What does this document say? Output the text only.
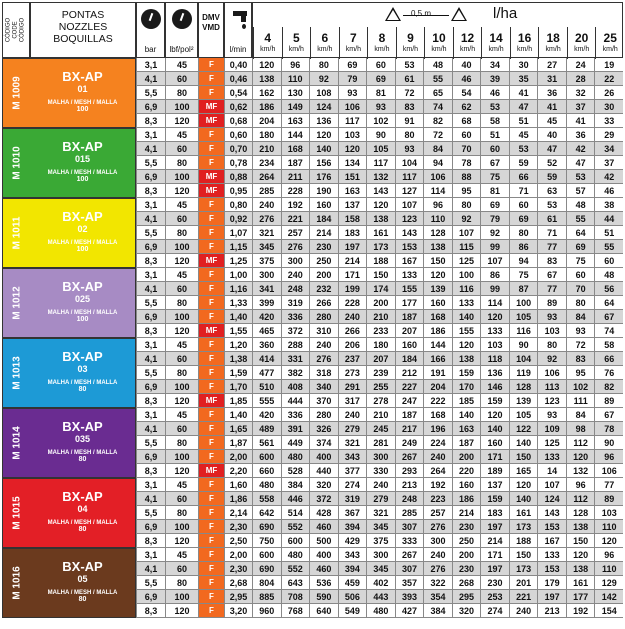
CÓDIGO CODE CÓDIGO
PONTAS
NOZZLES
BOQUILLAS
bar	lbf/pol²
DMV
VMD
l/min
0,5 m	l/ha
4
km/h
5
km/h
6
km/h
7
km/h
8
km/h
9
km/h
10
km/h
12
km/h
14
km/h
16
km/h
18
km/h
20
km/h
25
km/h
M 1009	BX-AP
01
MALHA / MESH / MALLA
100
3,1	45	F	0,40	120	96	80	69	60	53	48	40	34	30	27	24	19
4,1	60	F	0,46	138	110	92	79	69	61	55	46	39	35	31	28	22
5,5	80	F	0,54	162	130	108	93	81	72	65	54	46	41	36	32	26
6,9	100	MF	0,62	186	149	124	106	93	83	74	62	53	47	41	37	30
8,3	120	MF	0,68	204	163	136	117	102	91	82	68	58	51	45	41	33
M 1010	BX-AP
015
MALHA / MESH / MALLA
100
3,1	45	F	0,60	180	144	120	103	90	80	72	60	51	45	40	36	29
4,1	60	F	0,70	210	168	140	120	105	93	84	70	60	53	47	42	34
5,5	80	F	0,78	234	187	156	134	117	104	94	78	67	59	52	47	37
6,9	100	MF	0,88	264	211	176	151	132	117	106	88	75	66	59	53	42
8,3	120	MF	0,95	285	228	190	163	143	127	114	95	81	71	63	57	46
M 1011
BX-AP
02
MALHA / MESH / MALLA
100
3,1	45	F	0,80	240	192	160	137	120	107	96	80	69	60	53	48	38
4,1	60	F	0,92	276	221	184	158	138	123	110	92	79	69	61	55	44
5,5	80	F	1,07	321	257	214	183	161	143	128	107	92	80	71	64	51
6,9	100	F	1,15	345	276	230	197	173	153	138	115	99	86	77	69	55
8,3	120	MF	1,25	375	300	250	214	188	167	150	125	107	94	83	75	60
M 1012	BX-AP
025
MALHA / MESH / MALLA
100
3,1	45	F	1,00	300	240	200	171	150	133	120	100	86	75	67	60	48
4,1	60	F	1,16	341	248	232	199	174	155	139	116	99	87	77	70	56
5,5	80	F	1,33	399	319	266	228	200	177	160	133	114	100	89	80	64
6,9	100	F	1,40	420	336	280	240	210	187	168	140	120	105	93	84	67
8,3	120	MF	1,55	465	372	310	266	233	207	186	155	133	116	103	93	74
M 1013	BX-AP
03
MALHA / MESH / MALLA
80
3,1	45	F	1,20	360	288	240	206	180	160	144	120	103	90	80	72	58
4,1	60	F	1,38	414	331	276	237	207	184	166	138	118	104	92	83	66
5,5	80	F	1,59	477	382	318	273	239	212	191	159	136	119	106	95	76
6,9	100	F	1,70	510	408	340	291	255	227	204	170	146	128	113	102	82
8,3	120	MF	1,85	555	444	370	317	278	247	222	185	159	139	123	111	89
M 1014	BX-AP
035
MALHA / MESH / MALLA
80
3,1	45	F	1,40	420	336	280	240	210	187	168	140	120	105	93	84	67
4,1	60	F	1,65	489	391	326	279	245	217	196	163	140	122	109	98	78
5,5	80	F	1,87	561	449	374	321	281	249	224	187	160	140	125	112	90
6,9	100	F	2,00	600	480	400	343	300	267	240	200	171	150	133	120	96
8,3	120	MF	2,20	660	528	440	377	330	293	264	220	189	165	14	132	106
M 1015	BX-AP
04
MALHA / MESH / MALLA
80
3,1	45	F	1,60	480	384	320	274	240	213	192	160	137	120	107	96	77
4,1	60	F	1,86	558	446	372	319	279	248	223	186	159	140	124	112	89
5,5	80	F	2,14	642	514	428	367	321	285	257	214	183	161	143	128	103
6,9	100	F	2,30	690	552	460	394	345	307	276	230	197	173	153	138	110
8,3	120	F	2,50	750	600	500	429	375	333	300	250	214	188	167	150	120
M 1016	BX-AP
05
MALHA / MESH / MALLA
80
3,1	45	F	2,00	600	480	400	343	300	267	240	200	171	150	133	120	96
4,1	60	F	2,30	690	552	460	394	345	307	276	230	197	173	153	138	110
5,5	80	F	2,68	804	643	536	459	402	357	322	268	230	201	179	161	129
6,9	100	F	2,95	885	708	590	506	443	393	354	295	253	221	197	177	142
8,3	120	F	3,20	960	768	640	549	480	427	384	320	274	240	213	192	154
